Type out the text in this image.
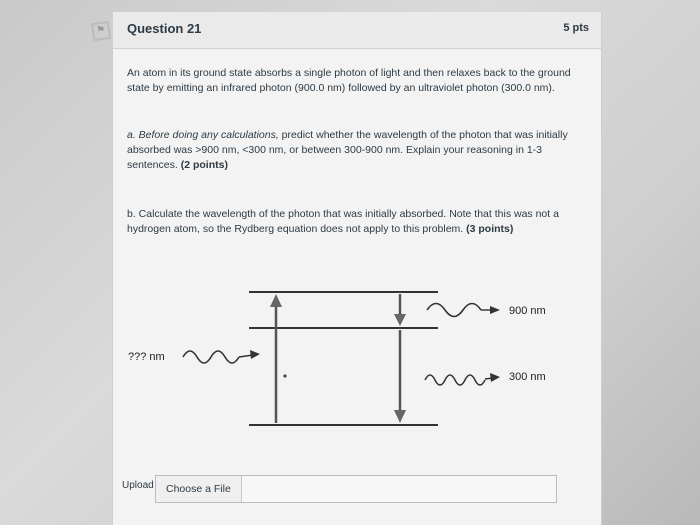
⚑	Question 21	5 pts
An atom in its ground state absorbs a single photon of light and then relaxes back to the ground state by emitting an infrared photon (900.0 nm) followed by an ultraviolet photon (300.0 nm).
a. Before doing any calculations, predict whether the wavelength of the photon that was initially absorbed was >900 nm, <300 nm, or between 300-900 nm. Explain your reasoning in 1-3 sentences. (2 points)
b. Calculate the wavelength of the photon that was initially absorbed. Note that this was not a hydrogen atom, so the Rydberg equation does not apply to this problem. (3 points)
??? nm
900 nm
300 nm
Upload	Choose a File
